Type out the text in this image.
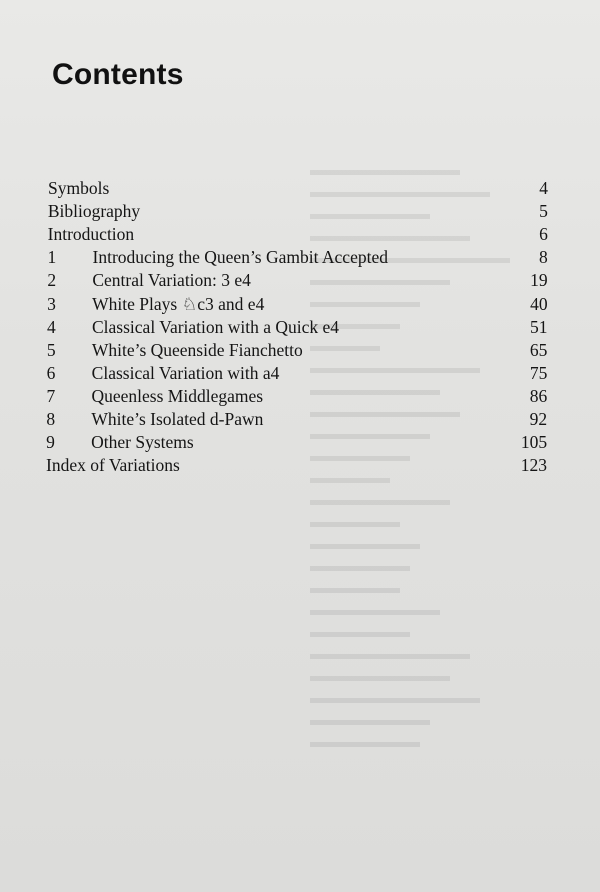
Contents
Symbols	4
Bibliography	5
Introduction	6
1 Introducing the Queen’s Gambit Accepted	8
2 Central Variation: 3 e4	19
3 White Plays ♘c3 and e4	40
4 Classical Variation with a Quick e4	51
5 White’s Queenside Fianchetto	65
6 Classical Variation with a4	75
7 Queenless Middlegames	86
8 White’s Isolated d-Pawn	92
9 Other Systems	105
Index of Variations	123
